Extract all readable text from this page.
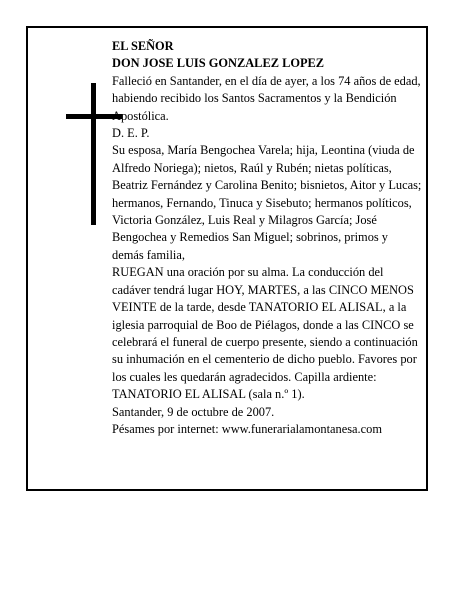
EL SEÑOR

DON JOSE LUIS GONZALEZ LOPEZ

Falleció en Santander, en el día de ayer, a los 74 años de edad, habiendo recibido los Santos Sacramentos y la Bendición Apostólica.

D. E. P.

Su esposa, María Bengochea Varela; hija, Leontina (viuda de Alfredo Noriega); nietos, Raúl y Rubén; nietas políticas, Beatriz Fernández y Carolina Benito; bisnietos, Aitor y Lucas; hermanos, Fernando, Tinuca y Sisebuto; hermanos políticos, Victoria González, Luis Real y Milagros García; José Bengochea y Remedios San Miguel; sobrinos, primos y demás familia,

RUEGAN una oración por su alma. La conducción del cadáver tendrá lugar HOY, MARTES, a las CINCO MENOS VEINTE de la tarde, desde TANATORIO EL ALISAL, a la iglesia parroquial de Boo de Piélagos, donde a las CINCO se celebrará el funeral de cuerpo presente, siendo a continuación su inhumación en el cementerio de dicho pueblo. Favores por los cuales les quedarán agradecidos. Capilla ardiente: TANATORIO EL ALISAL (sala n.º 1).

Santander, 9 de octubre de 2007.

Pésames por internet: www.funerarialamontanesa.com
